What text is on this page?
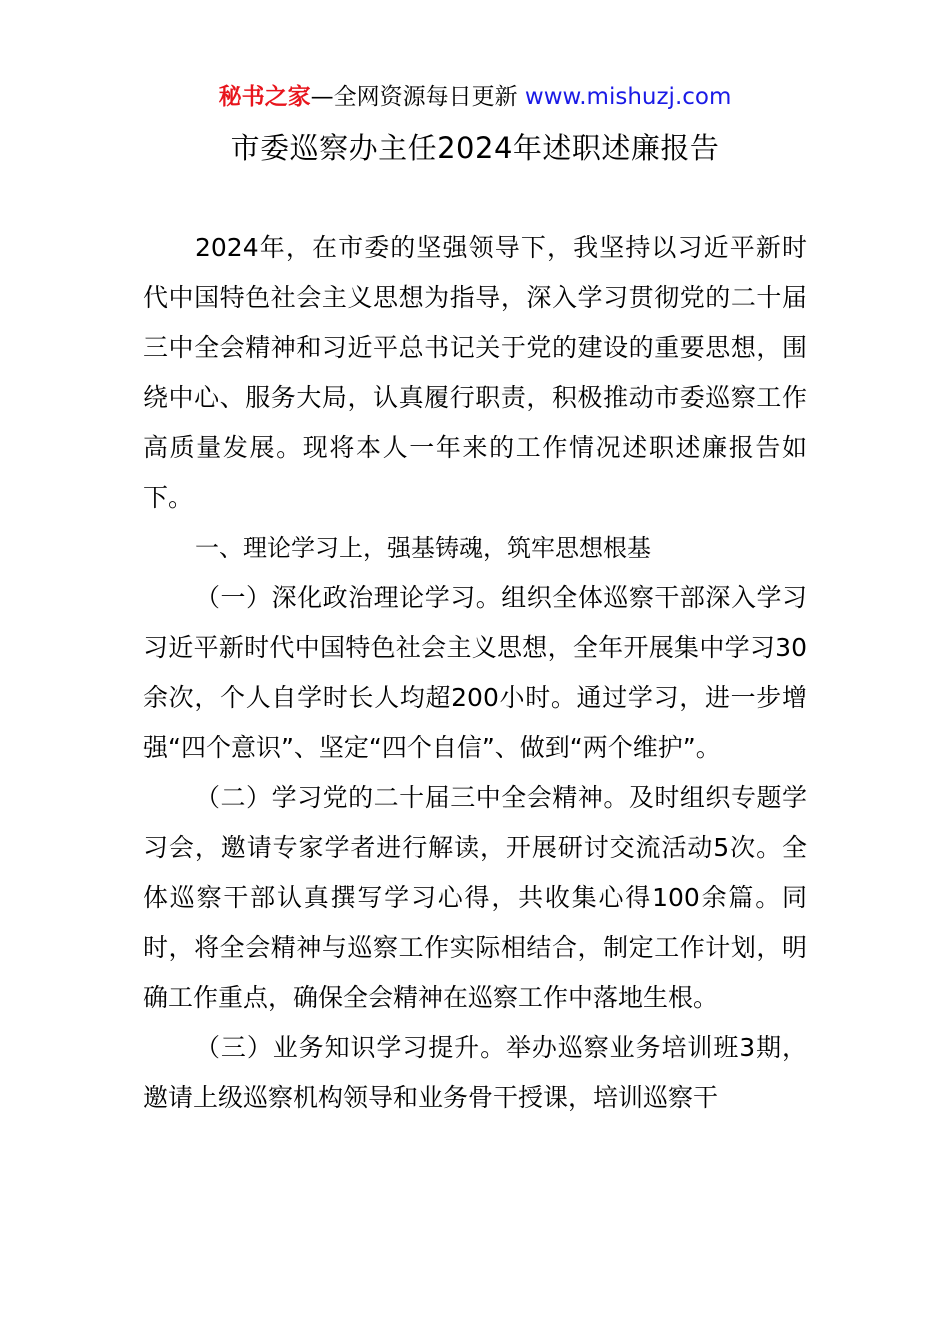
秘书之家—全网资源每日更新 www.mishuzj.com
市委巡察办主任2024年述职述廉报告

2024年，在市委的坚强领导下，我坚持以习近平新时代中国特色社会主义思想为指导，深入学习贯彻党的二十届三中全会精神和习近平总书记关于党的建设的重要思想，围绕中心、服务大局，认真履行职责，积极推动市委巡察工作高质量发展。现将本人一年来的工作情况述职述廉报告如下。

一、理论学习上，强基铸魂，筑牢思想根基

（一）深化政治理论学习。组织全体巡察干部深入学习习近平新时代中国特色社会主义思想，全年开展集中学习30余次，个人自学时长人均超200小时。通过学习，进一步增强“四个意识”、坚定“四个自信”、做到“两个维护”。

（二）学习党的二十届三中全会精神。及时组织专题学习会，邀请专家学者进行解读，开展研讨交流活动5次。全体巡察干部认真撰写学习心得，共收集心得100余篇。同时，将全会精神与巡察工作实际相结合，制定工作计划，明确工作重点，确保全会精神在巡察工作中落地生根。

（三）业务知识学习提升。举办巡察业务培训班3期，邀请上级巡察机构领导和业务骨干授课，培训巡察干
